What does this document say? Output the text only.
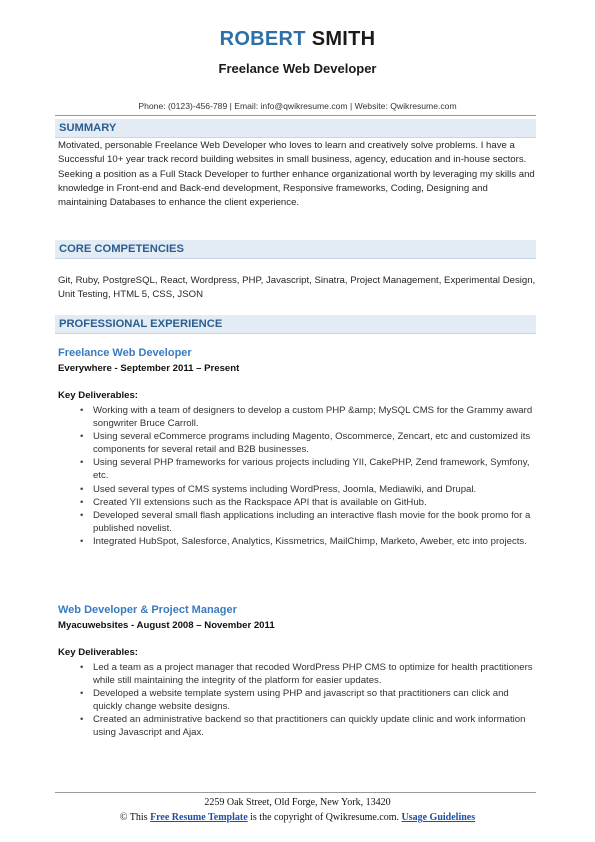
ROBERT SMITH
Freelance Web Developer
Phone: (0123)-456-789 | Email: info@qwikresume.com | Website: Qwikresume.com
SUMMARY
Motivated, personable Freelance Web Developer who loves to learn and creatively solve problems. I have a Successful 10+ year track record building websites in small business, agency, education and in-house sectors. Seeking a position as a Full Stack Developer to further enhance organizational worth by leveraging my skills and knowledge in Front-end and Back-end development, Responsive frameworks, Coding, Designing and maintaining Databases to enhance the client experience.
CORE COMPETENCIES
Git, Ruby, PostgreSQL, React, Wordpress, PHP, Javascript, Sinatra, Project Management, Experimental Design, Unit Testing, HTML 5, CSS, JSON
PROFESSIONAL EXPERIENCE
Freelance Web Developer
Everywhere - September 2011 – Present
Key Deliverables:
• Working with a team of designers to develop a custom PHP &amp; MySQL CMS for the Grammy award songwriter Bruce Carroll.
• Using several eCommerce programs including Magento, Oscommerce, Zencart, etc and customized its components for several retail and B2B businesses.
• Using several PHP frameworks for various projects including YII, CakePHP, Zend framework, Symfony, etc.
• Used several types of CMS systems including WordPress, Joomla, Mediawiki, and Drupal.
• Created YII extensions such as the Rackspace API that is available on GitHub.
• Developed several small flash applications including an interactive flash movie for the book promo for a published novelist.
• Integrated HubSpot, Salesforce, Analytics, Kissmetrics, MailChimp, Marketo, Aweber, etc into projects.
Web Developer & Project Manager
Myacuwebsites - August 2008 – November 2011
Key Deliverables:
• Led a team as a project manager that recoded WordPress PHP CMS to optimize for health practitioners while still maintaining the integrity of the platform for easier updates.
• Developed a website template system using PHP and javascript so that practitioners can click and quickly change website designs.
• Created an administrative backend so that practitioners can quickly update clinic and work information using Javascript and Ajax.
2259 Oak Street, Old Forge, New York, 13420
© This Free Resume Template is the copyright of Qwikresume.com. Usage Guidelines
